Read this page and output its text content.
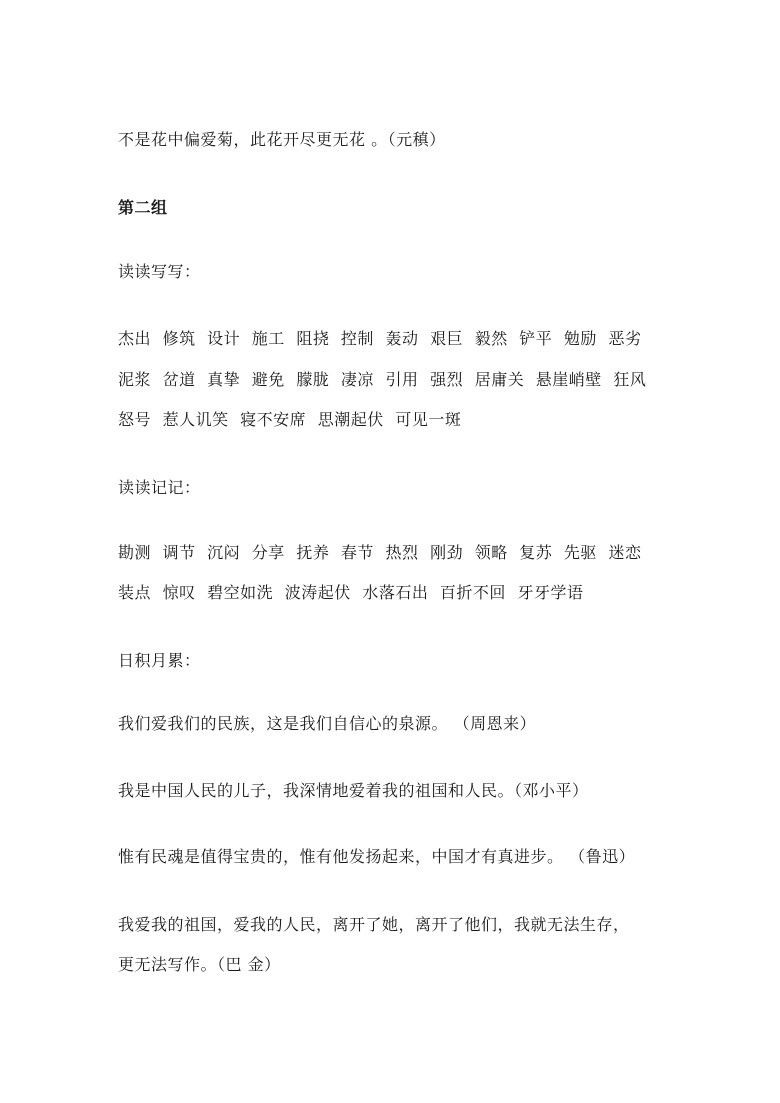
不是花中偏爱菊，此花开尽更无花 。（元稹）
第二组
读读写写：
杰出 修筑 设计 施工 阻挠 控制 轰动 艰巨 毅然 铲平 勉励 恶劣
泥浆 岔道 真挚 避免 朦胧 凄凉 引用 强烈 居庸关 悬崖峭壁 狂风
怒号 惹人讥笑 寝不安席 思潮起伏 可见一斑
读读记记：
勘测 调节 沉闷 分享 抚养 春节 热烈 刚劲 领略 复苏 先驱 迷恋
装点 惊叹 碧空如洗 波涛起伏 水落石出 百折不回 牙牙学语
日积月累：
我们爱我们的民族，这是我们自信心的泉源。 （周恩来）
我是中国人民的儿子，我深情地爱着我的祖国和人民。（邓小平）
惟有民魂是值得宝贵的，惟有他发扬起来，中国才有真进步。 （鲁迅）
我爱我的祖国，爱我的人民，离开了她，离开了他们，我就无法生存，
更无法写作。（巴 金）
